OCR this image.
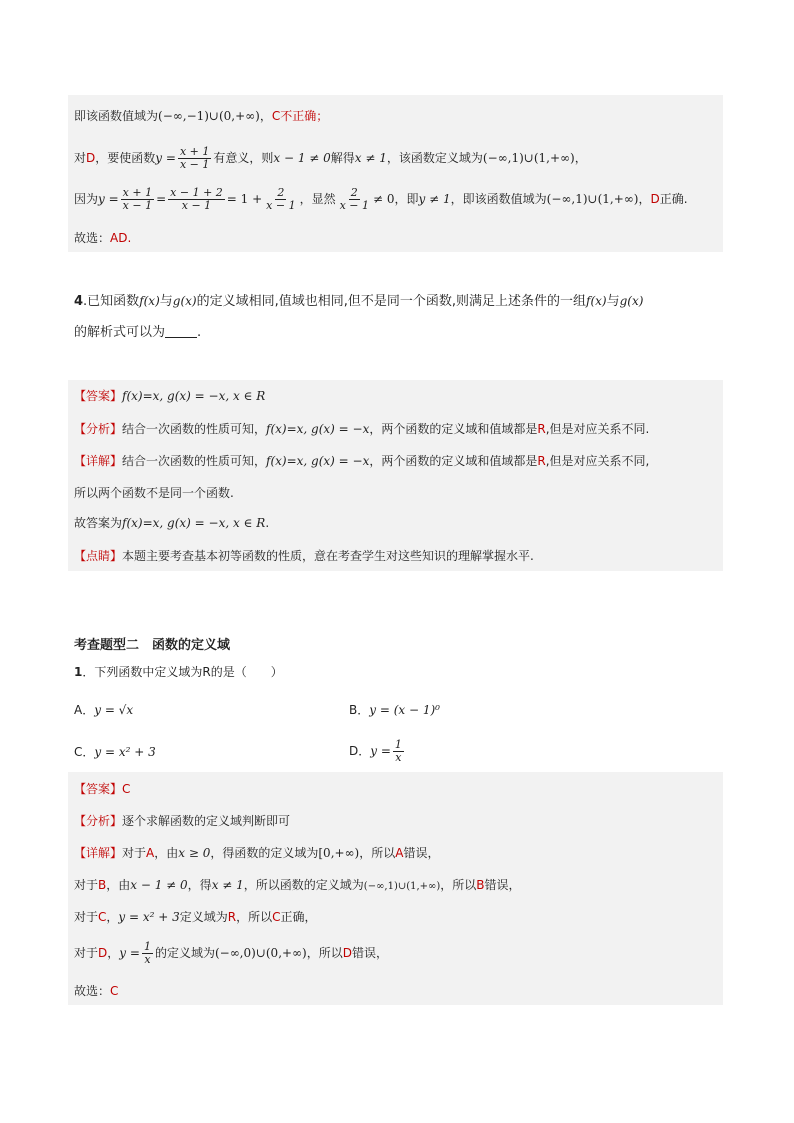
即该函数值域为(−∞,−1)∪(0,+∞)，C不正确；
对D，要使函数$y = \frac{x + 1}{x - 1}$ 有意义，则x − 1 ≠ 0解得x ≠ 1，该函数定义域为(−∞,1)∪(1,+∞)，
因为$y = \frac{x + 1}{x - 1} = \frac{x - 1 + 2}{x - 1} = 1 + \frac{2}{x - 1}$ ，显然 $\frac{2}{x - 1} \ne 0$，即y ≠ 1，即该函数值域为(−∞,1)∪(1,+∞)，D正确.
故选：AD.
4.已知函数f(x)与g(x)的定义域相同,值域也相同,但不是同一个函数,则满足上述条件的一组f(x)与g(x)
的解析式可以为 .
【答案】f(x)=x, g(x) = −x, x ∈ R
【分析】结合一次函数的性质可知，f(x)=x, g(x) = −x，两个函数的定义域和值域都是R,但是对应关系不同.
【详解】结合一次函数的性质可知，f(x)=x, g(x) = −x，两个函数的定义域和值域都是R,但是对应关系不同,
所以两个函数不是同一个函数.
故答案为f(x)=x, g(x) = −x, x ∈ R.
【点睛】本题主要考查基本初等函数的性质，意在考查学生对这些知识的理解掌握水平.
考查题型二　函数的定义域
1．下列函数中定义域为R的是（　　）
A．y = √x	B．y = (x − 1)⁰
C．y = x² + 3	D．$y = \frac{1}{x}$
【答案】C
【分析】逐个求解函数的定义域判断即可
【详解】对于A，由x ≥ 0，得函数的定义域为[0,+∞)，所以A错误，
对于B，由x − 1 ≠ 0，得x ≠ 1，所以函数的定义域为(−∞,1)∪(1,+∞)，所以B错误，
对于C，y = x² + 3定义域为R，所以C正确，
对于D，$y = \frac{1}{x}$ 的定义域为(−∞,0)∪(0,+∞)，所以D错误，
故选：C
